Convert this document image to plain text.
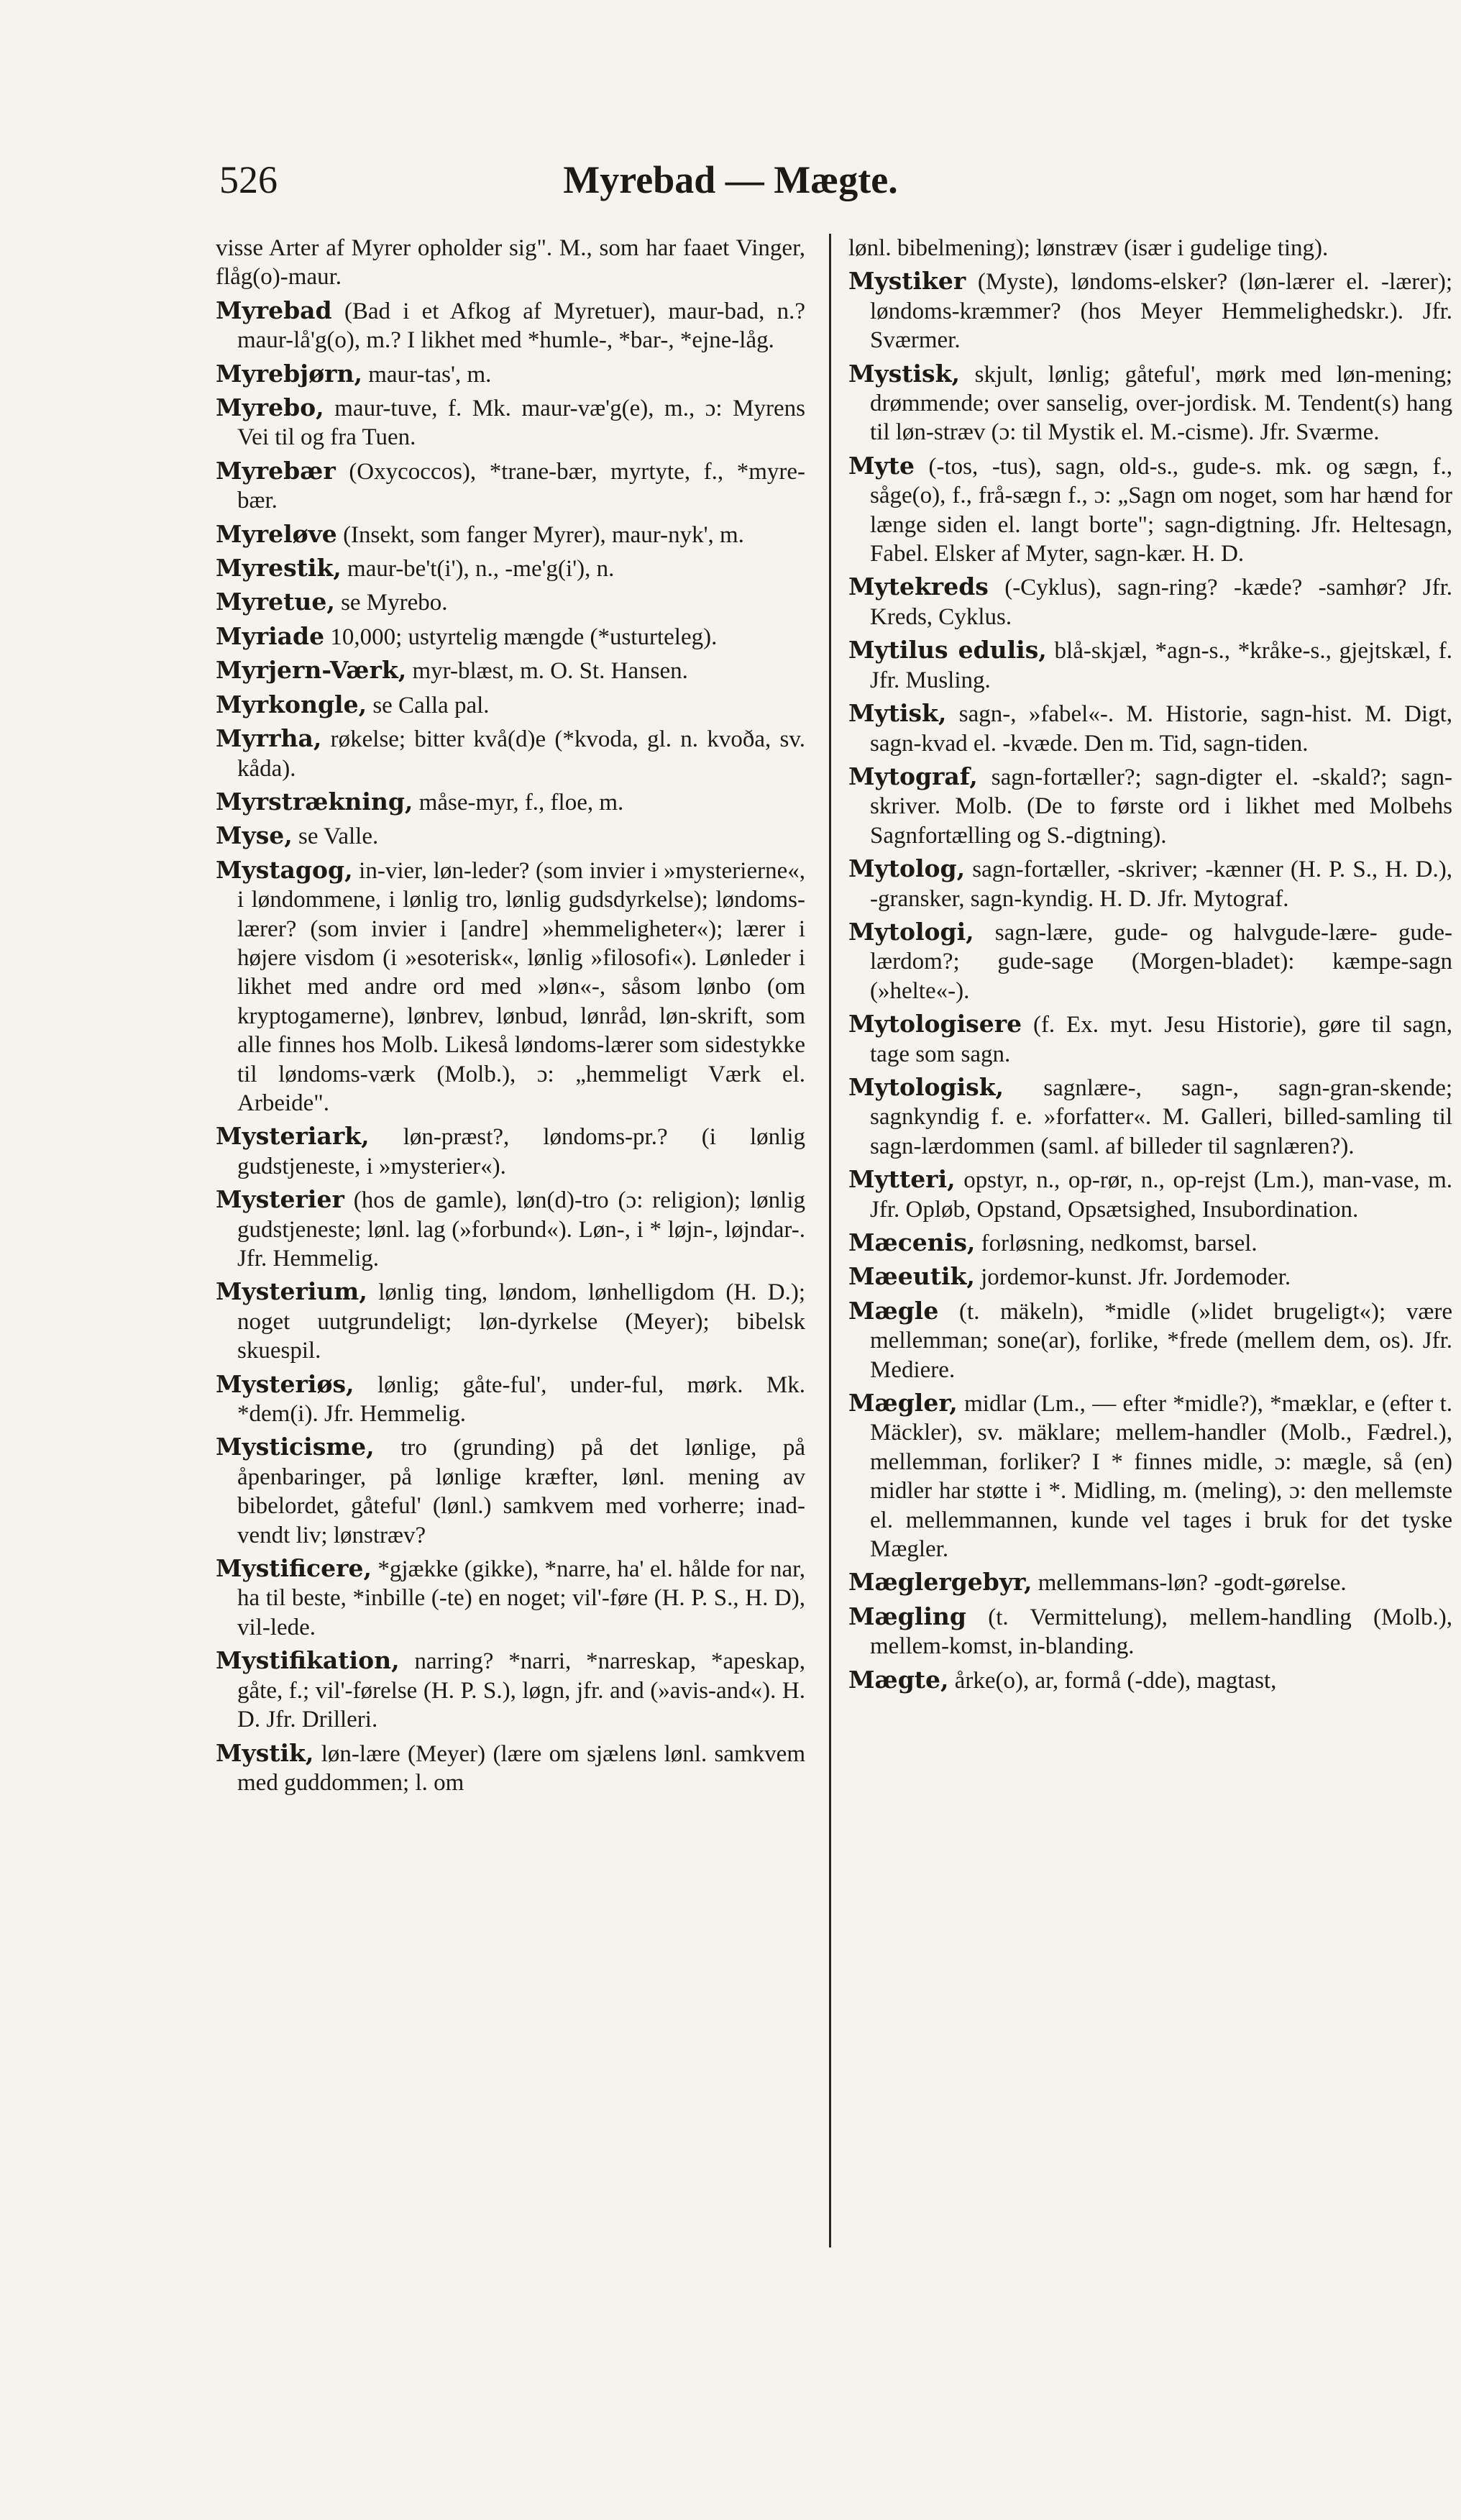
526	Myrebad — Mægte.

visse Arter af Myrer opholder sig". M., som har faaet Vinger, flåg(o)-maur.

Myrebad (Bad i et Afkog af Myretuer), maur-bad, n.? maur-lå'g(o), m.? I likhet med *humle-, *bar-, *ejne-låg.

Myrebjørn, maur-tas', m.

Myrebo, maur-tuve, f. Mk. maur-væ'g(e), m., ɔ: Myrens Vei til og fra Tuen.

Myrebær (Oxycoccos), *trane-bær, myrtyte, f., *myre-bær.

Myreløve (Insekt, som fanger Myrer), maur-nyk', m.

Myrestik, maur-be't(i'), n., -me'g(i'), n.

Myretue, se Myrebo.

Myriade 10,000; ustyrtelig mængde (*usturteleg).

Myrjern-Værk, myr-blæst, m. O. St. Hansen.

Myrkongle, se Calla pal.

Myrrha, røkelse; bitter kvå(d)e (*kvoda, gl. n. kvoða, sv. kåda).

Myrstrækning, måse-myr, f., floe, m.

Myse, se Valle.

Mystagog, in-vier, løn-leder? (som invier i »mysterierne«, i løndommene, i lønlig tro, lønlig gudsdyrkelse); løndoms-lærer? (som invier i [andre] »hemmeligheter«); lærer i højere visdom (i »esoterisk«, lønlig »filosofi«). Lønleder i likhet med andre ord med »løn«-, såsom lønbo (om kryptogamerne), lønbrev, lønbud, lønråd, løn-skrift, som alle finnes hos Molb. Likeså løndoms-lærer som sidestykke til løndoms-værk (Molb.), ɔ: „hemmeligt Værk el. Arbeide".

Mysteriark, løn-præst?, løndoms-pr.? (i lønlig gudstjeneste, i »mysterier«).

Mysterier (hos de gamle), løn(d)-tro (ɔ: religion); lønlig gudstjeneste; lønl. lag (»forbund«). Løn-, i * løjn-, løjndar-. Jfr. Hemmelig.

Mysterium, lønlig ting, løndom, lønhelligdom (H. D.); noget uutgrundeligt; løn-dyrkelse (Meyer); bibelsk skuespil.

Mysteriøs, lønlig; gåte-ful', under-ful, mørk. Mk. *dem(i). Jfr. Hemmelig.

Mysticisme, tro (grunding) på det lønlige, på åpenbaringer, på lønlige kræfter, lønl. mening av bibelordet, gåteful' (lønl.) samkvem med vorherre; inad-vendt liv; lønstræv?

Mystificere, *gjække (gikke), *narre, ha' el. hålde for nar, ha til beste, *inbille (-te) en noget; vil'-føre (H. P. S., H. D), vil-lede.

Mystifikation, narring? *narri, *narreskap, *apeskap, gåte, f.; vil'-førelse (H. P. S.), løgn, jfr. and (»avis-and«). H. D. Jfr. Drilleri.

Mystik, løn-lære (Meyer) (lære om sjælens lønl. samkvem med guddommen; l. om

lønl. bibelmening); lønstræv (især i gudelige ting).

Mystiker (Myste), løndoms-elsker? (løn-lærer el. -lærer); løndoms-kræmmer? (hos Meyer Hemmelighedskr.). Jfr. Sværmer.

Mystisk, skjult, lønlig; gåteful', mørk med løn-mening; drømmende; over sanselig, over-jordisk. M. Tendent(s) hang til løn-stræv (ɔ: til Mystik el. M.-cisme). Jfr. Sværme.

Myte (-tos, -tus), sagn, old-s., gude-s. mk. og sægn, f., såge(o), f., frå-sægn f., ɔ: „Sagn om noget, som har hænd for længe siden el. langt borte"; sagn-digtning. Jfr. Heltesagn, Fabel. Elsker af Myter, sagn-kær. H. D.

Mytekreds (-Cyklus), sagn-ring? -kæde? -samhør? Jfr. Kreds, Cyklus.

Mytilus edulis, blå-skjæl, *agn-s., *kråke-s., gjejtskæl, f. Jfr. Musling.

Mytisk, sagn-, »fabel«-. M. Historie, sagn-hist. M. Digt, sagn-kvad el. -kvæde. Den m. Tid, sagn-tiden.

Mytograf, sagn-fortæller?; sagn-digter el. -skald?; sagn-skriver. Molb. (De to første ord i likhet med Molbehs Sagnfortælling og S.-digtning).

Mytolog, sagn-fortæller, -skriver; -kænner (H. P. S., H. D.), -gransker, sagn-kyndig. H. D. Jfr. Mytograf.

Mytologi, sagn-lære, gude- og halvgude-lære- gude-lærdom?; gude-sage (Morgen-bladet): kæmpe-sagn (»helte«-).

Mytologisere (f. Ex. myt. Jesu Historie), gøre til sagn, tage som sagn.

Mytologisk, sagnlære-, sagn-, sagn-gran-skende; sagnkyndig f. e. »forfatter«. M. Galleri, billed-samling til sagn-lærdommen (saml. af billeder til sagnlæren?).

Mytteri, opstyr, n., op-rør, n., op-rejst (Lm.), man-vase, m. Jfr. Opløb, Opstand, Opsætsighed, Insubordination.

Mæcenis, forløsning, nedkomst, barsel.

Mæeutik, jordemor-kunst. Jfr. Jordemoder.

Mægle (t. mäkeln), *midle (»lidet brugeligt«); være mellemman; sone(ar), forlike, *frede (mellem dem, os). Jfr. Mediere.

Mægler, midlar (Lm., — efter *midle?), *mæklar, e (efter t. Mäckler), sv. mäklare; mellem-handler (Molb., Fædrel.), mellemman, forliker? I * finnes midle, ɔ: mægle, så (en) midler har støtte i *. Midling, m. (meling), ɔ: den mellemste el. mellemmannen, kunde vel tages i bruk for det tyske Mægler.

Mæglergebyr, mellemmans-løn? -godt-gørelse.

Mægling (t. Vermittelung), mellem-handling (Molb.), mellem-komst, in-blanding.

Mægte, årke(o), ar, formå (-dde), magtast,
